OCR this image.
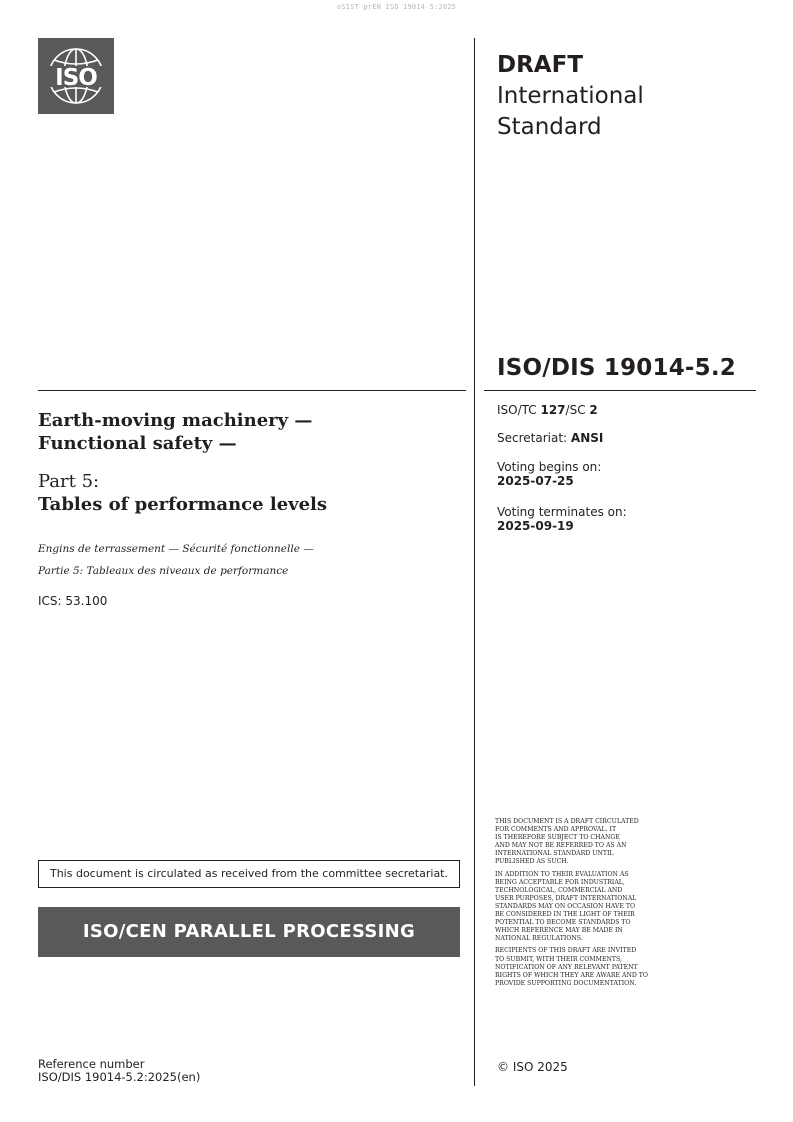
oSIST prEN ISO 19014-5:2025
ISO	DRAFT
International
Standard
ISO/DIS 19014-5.2

ISO/TC 127/SC 2

Secretariat: ANSI

Voting begins on:
2025-07-25

Voting terminates on:
2025-09-19

Earth-moving machinery —
Functional safety —
Part 5:
Tables of performance levels

Engins de terrassement — Sécurité fonctionnelle —
Partie 5: Tableaux des niveaux de performance

ICS: 53.100

This document is circulated as received from the committee secretariat.
ISO/CEN PARALLEL PROCESSING

THIS DOCUMENT IS A DRAFT CIRCULATED
FOR COMMENTS AND APPROVAL. IT
IS THEREFORE SUBJECT TO CHANGE
AND MAY NOT BE REFERRED TO AS AN
INTERNATIONAL STANDARD UNTIL
PUBLISHED AS SUCH.

IN ADDITION TO THEIR EVALUATION AS
BEING ACCEPTABLE FOR INDUSTRIAL,
TECHNOLOGICAL, COMMERCIAL AND
USER PURPOSES, DRAFT INTERNATIONAL
STANDARDS MAY ON OCCASION HAVE TO
BE CONSIDERED IN THE LIGHT OF THEIR
POTENTIAL TO BECOME STANDARDS TO
WHICH REFERENCE MAY BE MADE IN
NATIONAL REGULATIONS.

RECIPIENTS OF THIS DRAFT ARE INVITED
TO SUBMIT, WITH THEIR COMMENTS,
NOTIFICATION OF ANY RELEVANT PATENT
RIGHTS OF WHICH THEY ARE AWARE AND TO
PROVIDE SUPPORTING DOCUMENTATION.

© ISO 2025

Reference number
ISO/DIS 19014-5.2:2025(en)
